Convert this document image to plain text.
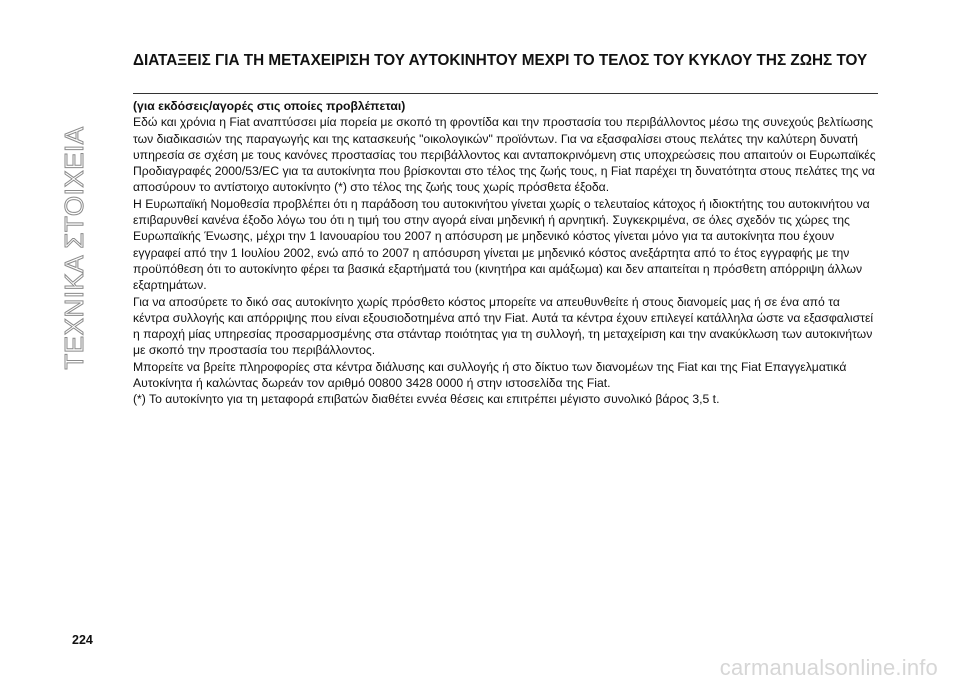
ΤΕΧΝΙΚΑ ΣΤΟΙΧΕΙΑ
ΔΙΑΤΑΞΕΙΣ ΓΙΑ ΤΗ ΜΕΤΑΧΕΙΡΙΣΗ ΤΟΥ ΑΥΤΟΚΙΝΗΤΟΥ ΜΕΧΡΙ ΤΟ ΤΕΛΟΣ ΤΟΥ ΚΥΚΛΟΥ ΤΗΣ ΖΩΗΣ ΤΟΥ

(για εκδόσεις/αγορές στις οποίες προβλέπεται)

Εδώ και χρόνια η Fiat αναπτύσσει μία πορεία με σκοπό τη φροντίδα και την προστασία του περιβάλλοντος μέσω της συνεχούς βελτίωσης των διαδικασιών της παραγωγής και της κατασκευής "οικολογικών" προϊόντων. Για να εξασφαλίσει στους πελάτες την καλύτερη δυνατή υπηρεσία σε σχέση με τους κανόνες προστασίας του περιβάλλοντος και ανταποκρινόμενη στις υποχρεώσεις που απαιτούν οι Ευρωπαϊκές Προδιαγραφές 2000/53/EC για τα αυτοκίνητα που βρίσκονται στο τέλος της ζωής τους, η Fiat παρέχει τη δυνατότητα στους πελάτες της να αποσύρουν το αντίστοιχο αυτοκίνητο (*) στο τέλος της ζωής τους χωρίς πρόσθετα έξοδα.

Η Ευρωπαϊκή Νομοθεσία προβλέπει ότι η παράδοση του αυτοκινήτου γίνεται χωρίς ο τελευταίος κάτοχος ή ιδιοκτήτης του αυτοκινήτου να επιβαρυνθεί κανένα έξοδο λόγω του ότι η τιμή του στην αγορά είναι μηδενική ή αρνητική. Συγκεκριμένα, σε όλες σχεδόν τις χώρες της Ευρωπαϊκής Ένωσης, μέχρι την 1 Ιανουαρίου του 2007 η απόσυρση με μηδενικό κόστος γίνεται μόνο για τα αυτοκίνητα που έχουν εγγραφεί από την 1 Ιουλίου 2002, ενώ από το 2007 η απόσυρση γίνεται με μηδενικό κόστος ανεξάρτητα από το έτος εγγραφής με την προϋπόθεση ότι το αυτοκίνητο φέρει τα βασικά εξαρτήματά του (κινητήρα και αμάξωμα) και δεν απαιτείται η πρόσθετη απόρριψη άλλων εξαρτημάτων.

Για να αποσύρετε το δικό σας αυτοκίνητο χωρίς πρόσθετο κόστος μπορείτε να απευθυνθείτε ή στους διανομείς μας ή σε ένα από τα κέντρα συλλογής και απόρριψης που είναι εξουσιοδοτημένα από την Fiat. Αυτά τα κέντρα έχουν επιλεγεί κατάλληλα ώστε να εξασφαλιστεί η παροχή μίας υπηρεσίας προσαρμοσμένης στα στάνταρ ποιότητας για τη συλλογή, τη μεταχείριση και την ανακύκλωση των αυτοκινήτων με σκοπό την προστασία του περιβάλλοντος.

Μπορείτε να βρείτε πληροφορίες στα κέντρα διάλυσης και συλλογής ή στο δίκτυο των διανομέων της Fiat και της Fiat Επαγγελματικά Αυτοκίνητα ή καλώντας δωρεάν τον αριθμό 00800 3428 0000 ή στην ιστοσελίδα της Fiat.

(*) Το αυτοκίνητο για τη μεταφορά επιβατών διαθέτει εννέα θέσεις και επιτρέπει μέγιστο συνολικό βάρος 3,5 t.

224
carmanualsonline.info
